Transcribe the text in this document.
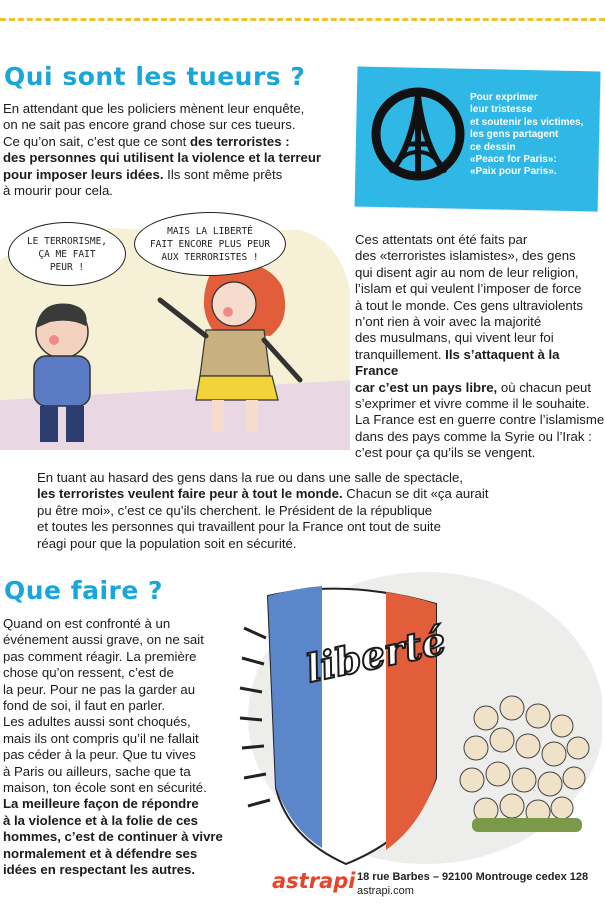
Qui sont les tueurs ?
En attendant que les policiers mènent leur enquête,
on ne sait pas encore grand chose sur ces tueurs.
Ce qu’on sait, c’est que ce sont des terroristes :
des personnes qui utilisent la violence et la terreur
pour imposer leurs idées. Ils sont même prêts
à mourir pour cela.
Pour exprimer
leur tristesse
et soutenir les victimes,
les gens partagent
ce dessin
«Peace for Paris»:
«Paix pour Paris».
LE TERRORISME,
ÇA ME FAIT
PEUR !
MAIS LA LIBERTÉ
FAIT ENCORE PLUS PEUR
AUX TERRORISTES !
Ces attentats ont été faits par
des «terroristes islamistes», des gens
qui disent agir au nom de leur religion,
l’islam et qui veulent l’imposer de force
à tout le monde. Ces gens ultraviolents
n’ont rien à voir avec la majorité
des musulmans, qui vivent leur foi
tranquillement. Ils s’attaquent à la France
car c’est un pays libre, où chacun peut
s’exprimer et vivre comme il le souhaite.
La France est en guerre contre l’islamisme
dans des pays comme la Syrie ou l’Irak :
c’est pour ça qu’ils se vengent.
En tuant au hasard des gens dans la rue ou dans une salle de spectacle,
les terroristes veulent faire peur à tout le monde. Chacun se dit «ça aurait
pu être moi», c’est ce qu’ils cherchent. le Président de la république
et toutes les personnes qui travaillent pour la France ont tout de suite
réagi pour que la population soit en sécurité.
Que faire ?
Quand on est confronté à un
événement aussi grave, on ne sait
pas comment réagir. La première
chose qu’on ressent, c’est de
la peur. Pour ne pas la garder au
fond de soi, il faut en parler.
Les adultes aussi sont choqués,
mais ils ont compris qu’il ne fallait
pas céder à la peur. Que tu vives
à Paris ou ailleurs, sache que ta
maison, ton école sont en sécurité.
La meilleure façon de répondre
à la violence et à la folie de ces
hommes, c’est de continuer à vivre
normalement et à défendre ses
idées en respectant les autres.
liberté
astrapi 18 rue Barbes – 92100 Montrouge cedex 128
astrapi.com
